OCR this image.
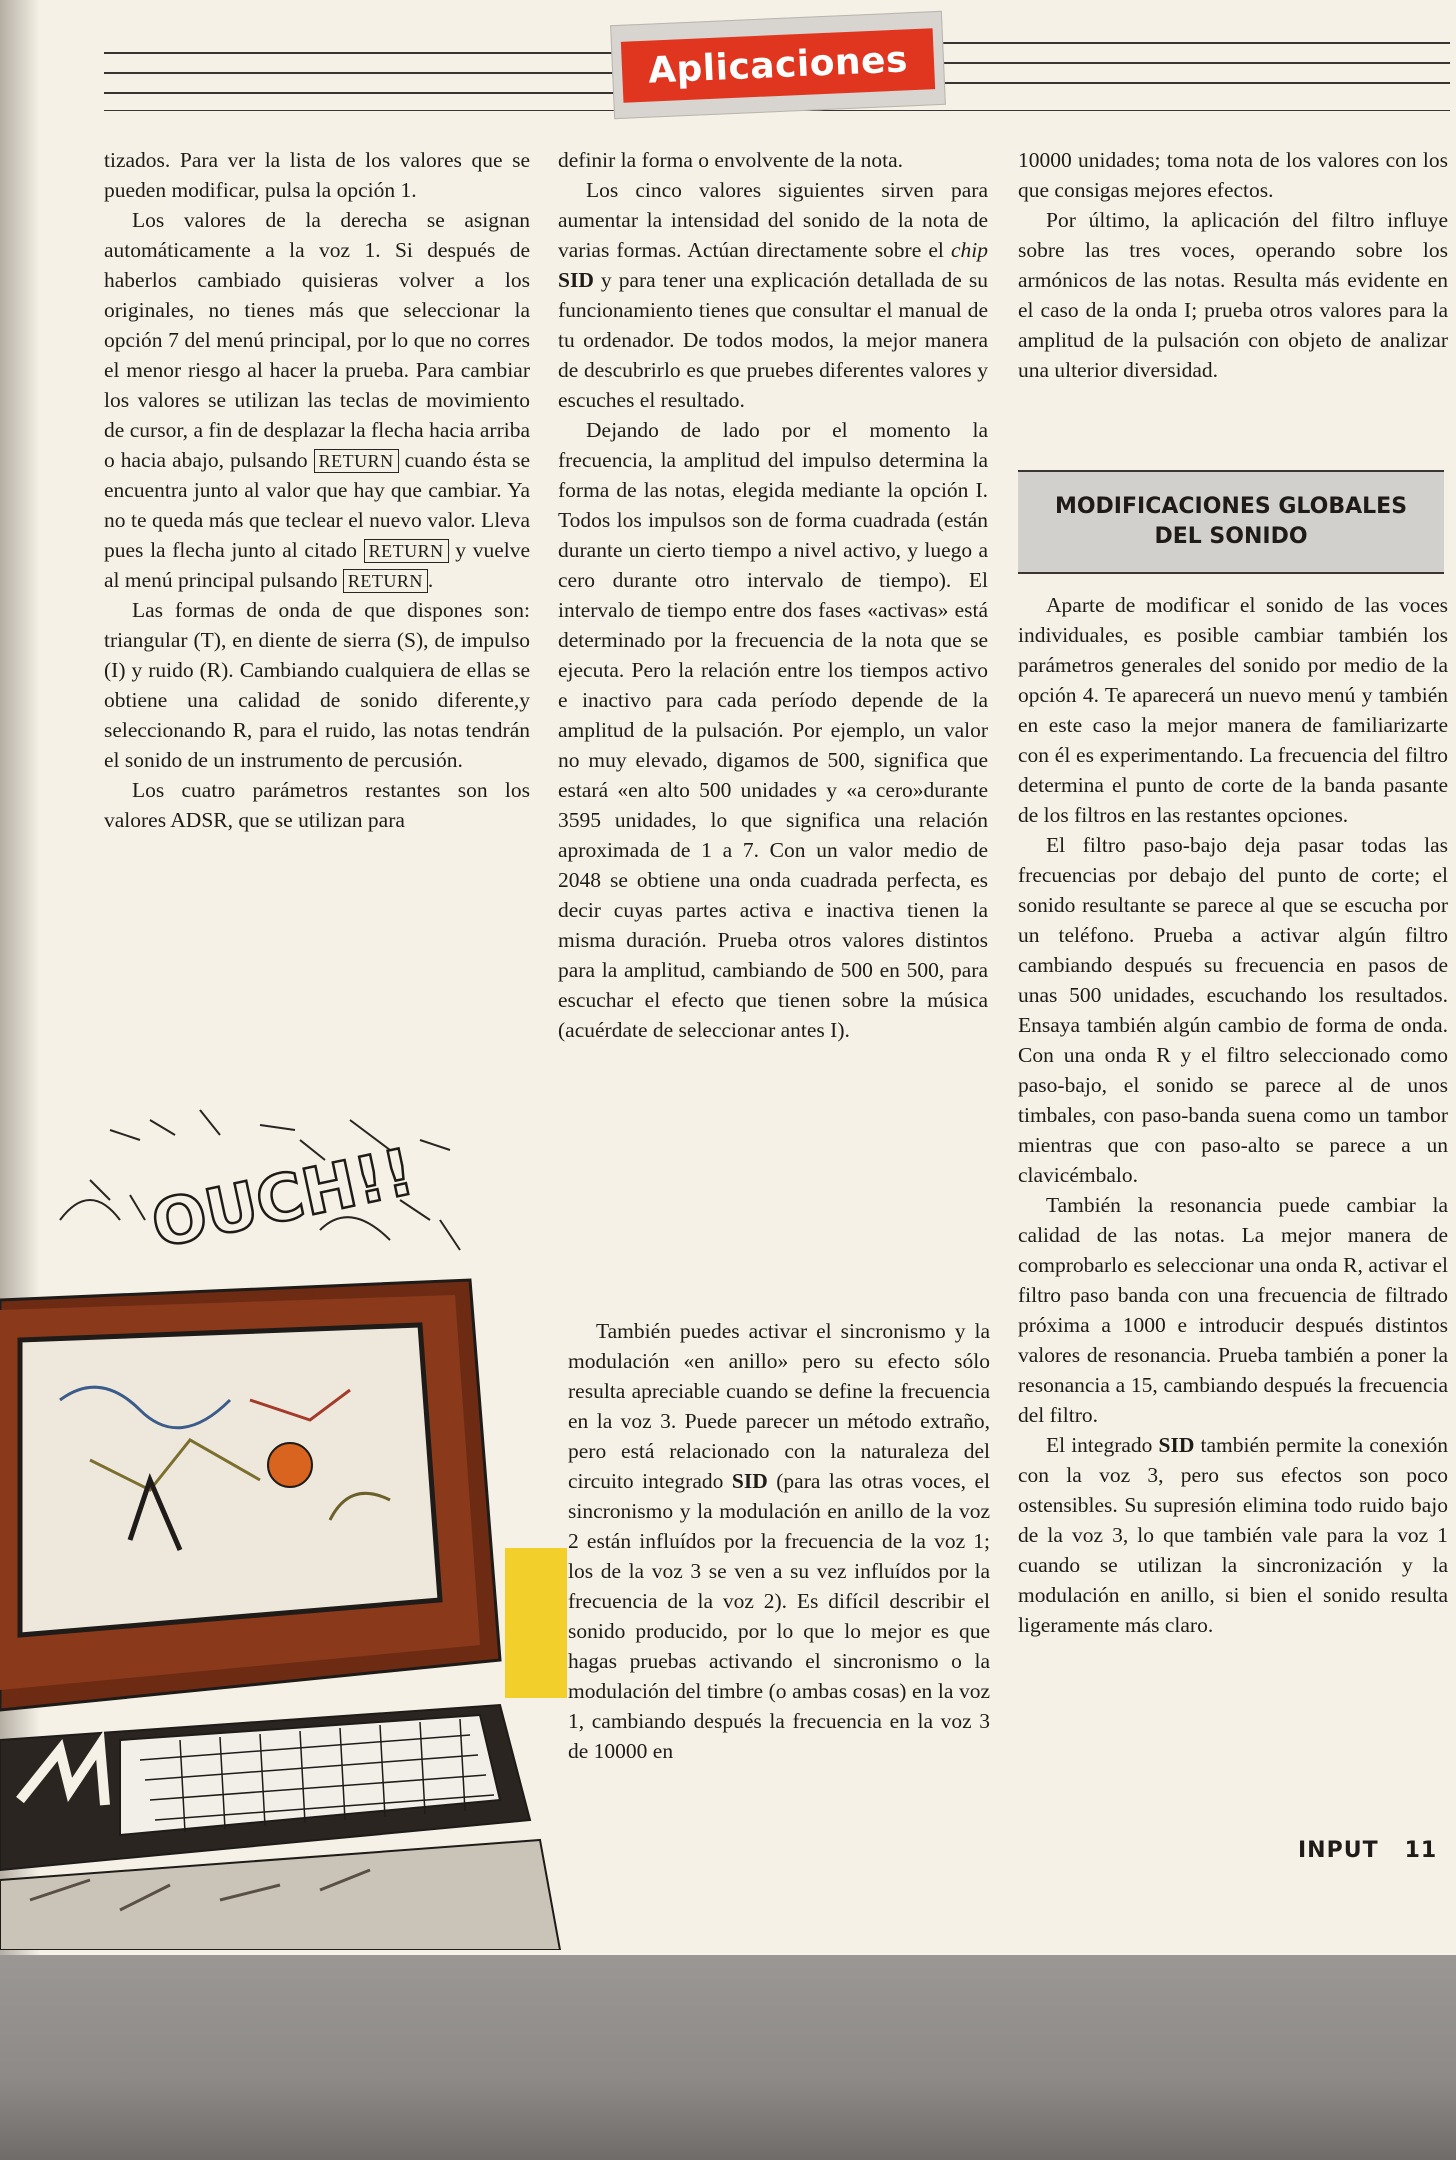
Aplicaciones

tizados. Para ver la lista de los valores que se pueden modificar, pulsa la opción 1.

Los valores de la derecha se asignan automáticamente a la voz 1. Si después de haberlos cambiado quisieras volver a los originales, no tienes más que seleccionar la opción 7 del menú principal, por lo que no corres el menor riesgo al hacer la prueba. Para cambiar los valores se utilizan las teclas de movimiento de cursor, a fin de desplazar la flecha hacia arriba o hacia abajo, pulsando RETURN cuando ésta se encuentra junto al valor que hay que cambiar. Ya no te queda más que teclear el nuevo valor. Lleva pues la flecha junto al citado RETURN y vuelve al menú principal pulsando RETURN .

Las formas de onda de que dispones son: triangular (T), en diente de sierra (S), de impulso (I) y ruido (R). Cambiando cualquiera de ellas se obtiene una calidad de sonido diferente,y seleccionando R, para el ruido, las notas tendrán el sonido de un instrumento de percusión.

Los cuatro parámetros restantes son los valores ADSR, que se utilizan para

definir la forma o envolvente de la nota.

Los cinco valores siguientes sirven para aumentar la intensidad del sonido de la nota de varias formas. Actúan directamente sobre el chip SID y para tener una explicación detallada de su funcionamiento tienes que consultar el manual de tu ordenador. De todos modos, la mejor manera de descubrirlo es que pruebes diferentes valores y escuches el resultado.

Dejando de lado por el momento la frecuencia, la amplitud del impulso determina la forma de las notas, elegida mediante la opción I. Todos los impulsos son de forma cuadrada (están durante un cierto tiempo a nivel activo, y luego a cero durante otro intervalo de tiempo). El intervalo de tiempo entre dos fases «activas» está determinado por la frecuencia de la nota que se ejecuta. Pero la relación entre los tiempos activo e inactivo para cada período depende de la amplitud de la pulsación. Por ejemplo, un valor no muy elevado, digamos de 500, significa que estará «en alto 500 unidades y «a cero»durante 3595 unidades, lo que significa una relación aproximada de 1 a 7. Con un valor medio de 2048 se obtiene una onda cuadrada perfecta, es decir cuyas partes activa e inactiva tienen la misma duración. Prueba otros valores distintos para la amplitud, cambiando de 500 en 500, para escuchar el efecto que tienen sobre la música (acuérdate de seleccionar antes I).

También puedes activar el sincronismo y la modulación «en anillo» pero su efecto sólo resulta apreciable cuando se define la frecuencia en la voz 3. Puede parecer un método extraño, pero está relacionado con la naturaleza del circuito integrado SID (para las otras voces, el sincronismo y la modulación en anillo de la voz 2 están influídos por la frecuencia de la voz 1; los de la voz 3 se ven a su vez influídos por la frecuencia de la voz 2). Es difícil describir el sonido producido, por lo que lo mejor es que hagas pruebas activando el sincronismo o la modulación del timbre (o ambas cosas) en la voz 1, cambiando después la frecuencia en la voz 3 de 10000 en

10000 unidades; toma nota de los valores con los que consigas mejores efectos.

Por último, la aplicación del filtro influye sobre las tres voces, operando sobre los armónicos de las notas. Resulta más evidente en el caso de la onda I; prueba otros valores para la amplitud de la pulsación con objeto de analizar una ulterior diversidad.

MODIFICACIONES GLOBALES
DEL SONIDO

Aparte de modificar el sonido de las voces individuales, es posible cambiar también los parámetros generales del sonido por medio de la opción 4. Te aparecerá un nuevo menú y también en este caso la mejor manera de familiarizarte con él es experimentando. La frecuencia del filtro determina el punto de corte de la banda pasante de los filtros en las restantes opciones.

El filtro paso-bajo deja pasar todas las frecuencias por debajo del punto de corte; el sonido resultante se parece al que se escucha por un teléfono. Prueba a activar algún filtro cambiando después su frecuencia en pasos de unas 500 unidades, escuchando los resultados. Ensaya también algún cambio de forma de onda. Con una onda R y el filtro seleccionado como paso-bajo, el sonido se parece al de unos timbales, con paso-banda suena como un tambor mientras que con paso-alto se parece a un clavicémbalo.

También la resonancia puede cambiar la calidad de las notas. La mejor manera de comprobarlo es seleccionar una onda R, activar el filtro paso banda con una frecuencia de filtrado próxima a 1000 e introducir después distintos valores de resonancia. Prueba también a poner la resonancia a 15, cambiando después la frecuencia del filtro.

El integrado SID también permite la conexión con la voz 3, pero sus efectos son poco ostensibles. Su supresión elimina todo ruido bajo de la voz 3, lo que también vale para la voz 1 cuando se utilizan la sincronización y la modulación en anillo, si bien el sonido resulta ligeramente más claro.

INPUT 11
OUCH!!
